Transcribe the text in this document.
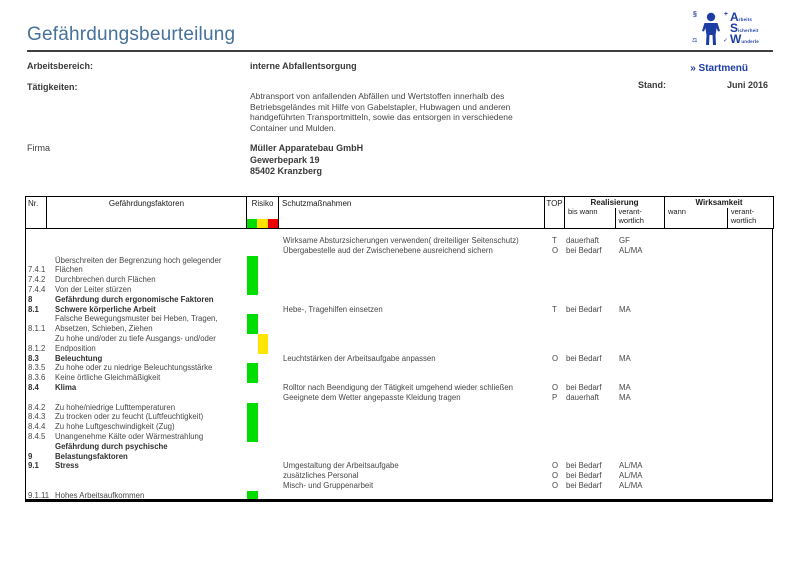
§	+
⚖	✓
A rbeits
S icherheit
W underle
Gefährdungsbeurteilung
Arbeitsbereich:	interne Abfallentsorgung	» Startmenü
Tätigkeiten:	Stand:	Juni 2016
Abtransport von anfallenden Abfällen und Wertstoffen innerhalb des Betriebsgeländes mit Hilfe von Gabelstapler, Hubwagen und anderen handgeführten Transportmitteln, sowie das entsorgen in verschiedene Container und Mulden.
Firma	Müller Apparatebau GmbH
Gewerbepark 19
85402 Kranzberg
Nr.	Gefährdungsfaktoren	Risiko	Schutzmaßnahmen	TOP	Realisierung
bis wann	verant-wortlich
Wirksamkeit
wann	verant-wortlich
Wirksame Absturzsicherungen verwenden( dreiteiliger Seitenschutz)	T dauerhaft	GF
Übergabestelle aud der Zwischenebene ausreichend sichern	O bei Bedarf AL/MA
Überschreiten der Begrenzung hoch gelegender
7.4.1 Flächen
7.4.2 Durchbrechen durch Flächen
7.4.4 Von der Leiter stürzen
8	Gefährdung durch ergonomische Faktoren
8.1 Schwere körperliche Arbeit	Hebe-, Tragehilfen einsetzen	T bei Bedarf MA
Falsche Bewegungsmuster bei Heben, Tragen,
8.1.1 Absetzen, Schieben, Ziehen
Zu hohe und/oder zu tiefe Ausgangs- und/oder
8.1.2 Endposition
8.3 Beleuchtung	Leuchtstärken der Arbeitsaufgabe anpassen	O bei Bedarf MA
8.3.5 Zu hohe oder zu niedrige Beleuchtungsstärke
8.3.6 Keine örtliche Gleichmäßigkeit
8.4 Klima	Rolltor nach Beendigung der Tätigkeit umgehend wieder schließen	O bei Bedarf MA
Geeignete dem Wetter angepasste Kleidung tragen	P dauerhaft	MA
8.4.2 Zu hohe/niedrige Lufttemperaturen
8.4.3 Zu trocken oder zu feucht (Luftfeuchtigkeit)
8.4.4 Zu hohe Luftgeschwindigkeit (Zug)
8.4.5 Unangenehme Kälte oder Wärmestrahlung
Gefährdung durch psychische
9	Belastungsfaktoren
9.1 Stress	Umgestaltung der Arbeitsaufgabe	O bei Bedarf AL/MA
zusätzliches Personal	O bei Bedarf AL/MA
Misch- und Gruppenarbeit	O bei Bedarf AL/MA
9.1.11 Hohes Arbeitsaufkommen
